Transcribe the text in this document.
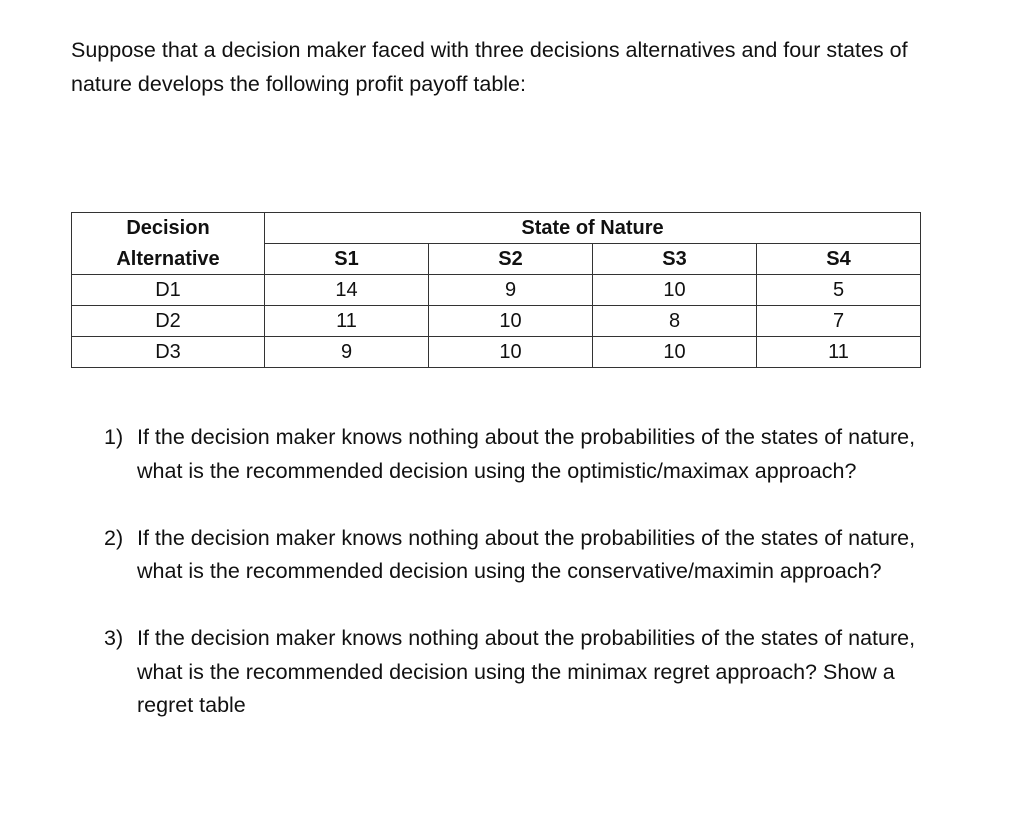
Suppose that a decision maker faced with three decisions alternatives and four states of nature develops the following profit payoff table:

Decision	State of Nature			
Alternative	S1	S2	S3	S4
D1	14	9	10	5
D2	11	10	8	7
D3	9	10	10	11
1) If the decision maker knows nothing about the probabilities of the states of nature, what is the recommended decision using the optimistic/maximax approach?
2) If the decision maker knows nothing about the probabilities of the states of nature, what is the recommended decision using the conservative/maximin approach?
3) If the decision maker knows nothing about the probabilities of the states of nature, what is the recommended decision using the minimax regret approach? Show a regret table
